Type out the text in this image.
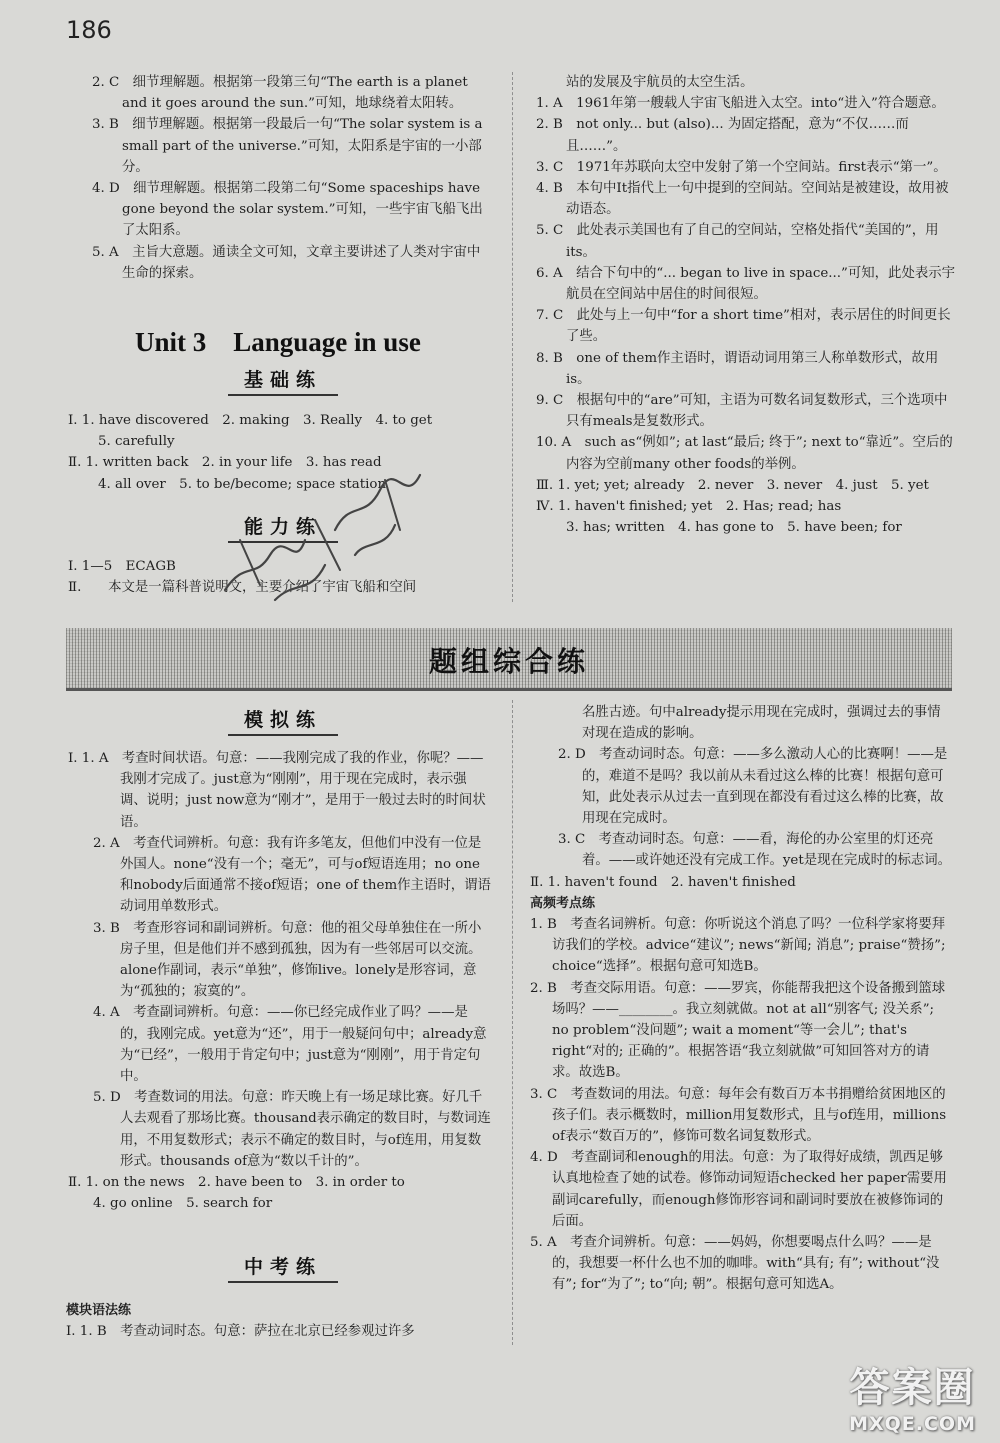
186

2. C　细节理解题。根据第一段第三句“The earth is a planet and it goes around the sun.”可知，地球绕着太阳转。

3. B　细节理解题。根据第一段最后一句“The solar system is a small part of the universe.”可知，太阳系是宇宙的一小部分。

4. D　细节理解题。根据第二段第二句“Some spaceships have gone beyond the solar system.”可知，一些宇宙飞船飞出了太阳系。

5. A　主旨大意题。通读全文可知，文章主要讲述了人类对宇宙中生命的探索。

Unit 3　Language in use
基础练

Ⅰ. 1. have discovered　2. making　3. Really　4. to get

5. carefully

Ⅱ. 1. written back　2. in your life　3. has read

4. all over　5. to be/become; space station

能力练

Ⅰ. 1—5　ECAGB

Ⅱ.　　本文是一篇科普说明文，主要介绍了宇宙飞船和空间

站的发展及宇航员的太空生活。

1. A　1961年第一艘载人宇宙飞船进入太空。into“进入”符合题意。

2. B　not only... but (also)... 为固定搭配，意为“不仅……而且……”。

3. C　1971年苏联向太空中发射了第一个空间站。first表示“第一”。

4. B　本句中It指代上一句中提到的空间站。空间站是被建设，故用被动语态。

5. C　此处表示美国也有了自己的空间站，空格处指代“美国的”，用its。

6. A　结合下句中的“... began to live in space...”可知，此处表示宇航员在空间站中居住的时间很短。

7. C　此处与上一句中“for a short time”相对，表示居住的时间更长了些。

8. B　one of them作主语时，谓语动词用第三人称单数形式，故用is。

9. C　根据句中的“are”可知，主语为可数名词复数形式，三个选项中只有meals是复数形式。

10. A　such as“例如”; at last“最后; 终于”; next to“靠近”。空后的内容为空前many other foods的举例。

Ⅲ. 1. yet; yet; already　2. never　3. never　4. just　5. yet

Ⅳ. 1. haven't finished; yet　2. Has; read; has

3. has; written　4. has gone to　5. have been; for

题组综合练
模拟练

Ⅰ. 1. A　考查时间状语。句意：——我刚完成了我的作业，你呢？——我刚才完成了。just意为“刚刚”，用于现在完成时，表示强调、说明；just now意为“刚才”，是用于一般过去时的时间状语。

2. A　考查代词辨析。句意：我有许多笔友，但他们中没有一位是外国人。none“没有一个；毫无”，可与of短语连用；no one和nobody后面通常不接of短语；one of them作主语时，谓语动词用单数形式。

3. B　考查形容词和副词辨析。句意：他的祖父母单独住在一所小房子里，但是他们并不感到孤独，因为有一些邻居可以交流。alone作副词，表示“单独”，修饰live。lonely是形容词，意为“孤独的；寂寞的”。

4. A　考查副词辨析。句意：——你已经完成作业了吗？——是的，我刚完成。yet意为“还”，用于一般疑问句中；already意为“已经”，一般用于肯定句中；just意为“刚刚”，用于肯定句中。

5. D　考查数词的用法。句意：昨天晚上有一场足球比赛。好几千人去观看了那场比赛。thousand表示确定的数目时，与数词连用，不用复数形式；表示不确定的数目时，与of连用，用复数形式。thousands of意为“数以千计的”。

Ⅱ. 1. on the news　2. have been to　3. in order to

4. go online　5. search for

中考练

模块语法练

Ⅰ. 1. B　考查动词时态。句意：萨拉在北京已经参观过许多

名胜古迹。句中already提示用现在完成时，强调过去的事情对现在造成的影响。

2. D　考查动词时态。句意：——多么激动人心的比赛啊！——是的，难道不是吗？我以前从未看过这么棒的比赛！根据句意可知，此处表示从过去一直到现在都没有看过这么棒的比赛，故用现在完成时。

3. C　考查动词时态。句意：——看，海伦的办公室里的灯还亮着。——或许她还没有完成工作。yet是现在完成时的标志词。

Ⅱ. 1. haven't found　2. haven't finished

高频考点练

1. B　考查名词辨析。句意：你听说这个消息了吗？一位科学家将要拜访我们的学校。advice“建议”; news“新闻; 消息”; praise“赞扬”; choice“选择”。根据句意可知选B。

2. B　考查交际用语。句意：——罗宾，你能帮我把这个设备搬到篮球场吗？——________。我立刻就做。not at all“别客气; 没关系”; no problem“没问题”; wait a moment“等一会儿”; that's right“对的; 正确的”。根据答语“我立刻就做”可知回答对方的请求。故选B。

3. C　考查数词的用法。句意：每年会有数百万本书捐赠给贫困地区的孩子们。表示概数时，million用复数形式，且与of连用，millions of表示“数百万的”，修饰可数名词复数形式。

4. D　考查副词和enough的用法。句意：为了取得好成绩，凯西足够认真地检查了她的试卷。修饰动词短语checked her paper需要用副词carefully，而enough修饰形容词和副词时要放在被修饰词的后面。

5. A　考查介词辨析。句意：——妈妈，你想要喝点什么吗？——是的，我想要一杯什么也不加的咖啡。with“具有; 有”; without“没有”; for“为了”; to“向; 朝”。根据句意可知选A。

答案圈
MXQE.COM
